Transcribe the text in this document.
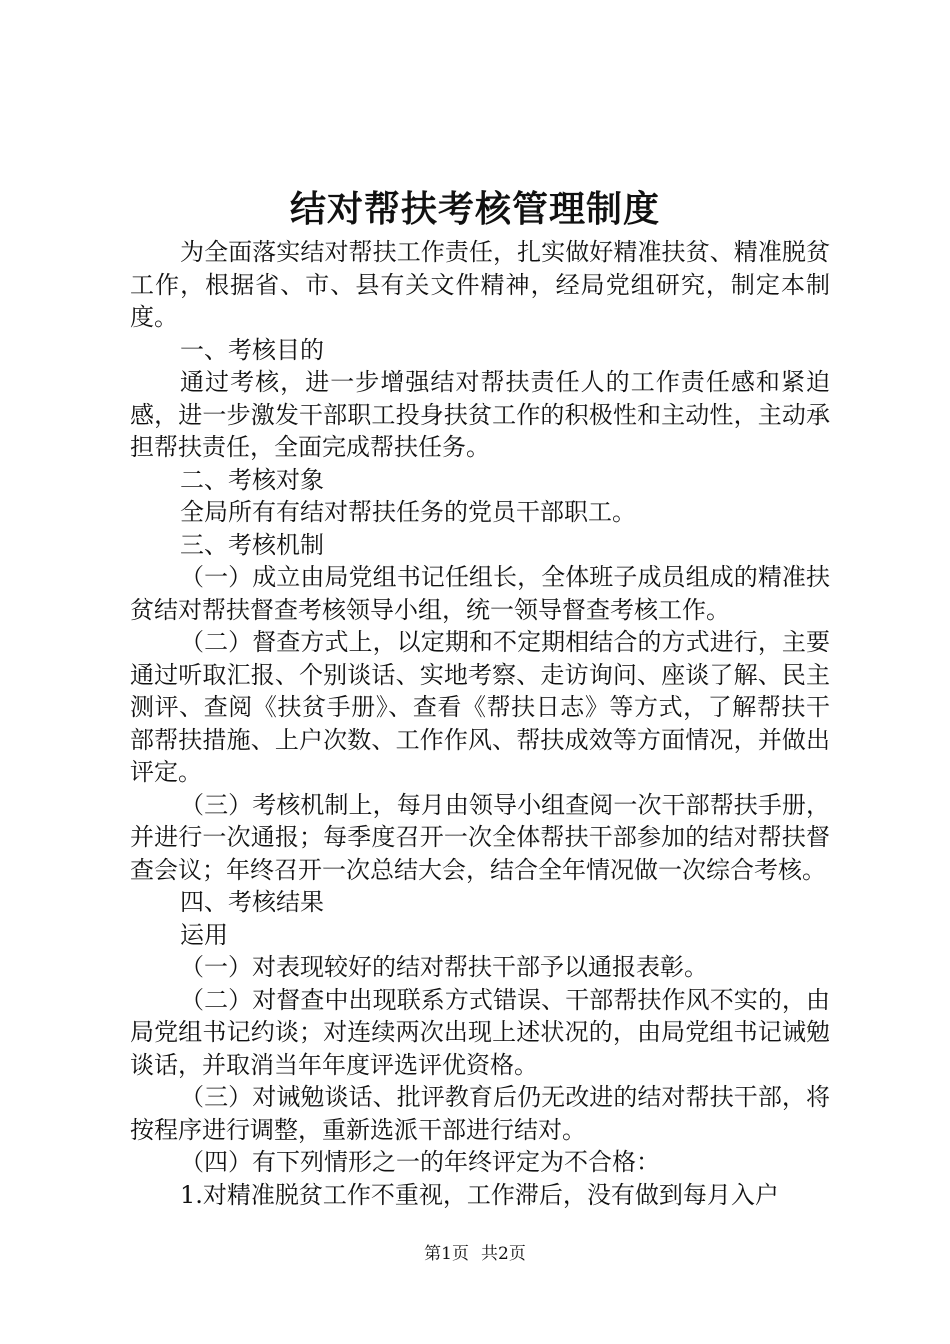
结对帮扶考核管理制度

为全面落实结对帮扶工作责任，扎实做好精准扶贫、精准脱贫工作，根据省、市、县有关文件精神，经局党组研究，制定本制度。

一、考核目的

通过考核，进一步增强结对帮扶责任人的工作责任感和紧迫感，进一步激发干部职工投身扶贫工作的积极性和主动性，主动承担帮扶责任，全面完成帮扶任务。

二、考核对象

全局所有有结对帮扶任务的党员干部职工。

三、考核机制

（一）成立由局党组书记任组长，全体班子成员组成的精准扶贫结对帮扶督查考核领导小组，统一领导督查考核工作。

（二）督查方式上，以定期和不定期相结合的方式进行，主要通过听取汇报、个别谈话、实地考察、走访询问、座谈了解、民主测评、查阅《扶贫手册》、查看《帮扶日志》等方式，了解帮扶干部帮扶措施、上户次数、工作作风、帮扶成效等方面情况，并做出评定。

（三）考核机制上，每月由领导小组查阅一次干部帮扶手册，并进行一次通报；每季度召开一次全体帮扶干部参加的结对帮扶督查会议；年终召开一次总结大会，结合全年情况做一次综合考核。

四、考核结果

运用

（一）对表现较好的结对帮扶干部予以通报表彰。

（二）对督查中出现联系方式错误、干部帮扶作风不实的，由局党组书记约谈；对连续两次出现上述状况的，由局党组书记诫勉谈话，并取消当年年度评选评优资格。

（三）对诫勉谈话、批评教育后仍无改进的结对帮扶干部，将按程序进行调整，重新选派干部进行结对。

（四）有下列情形之一的年终评定为不合格：

1.对精准脱贫工作不重视，工作滞后，没有做到每月入户

第1页 共2页
